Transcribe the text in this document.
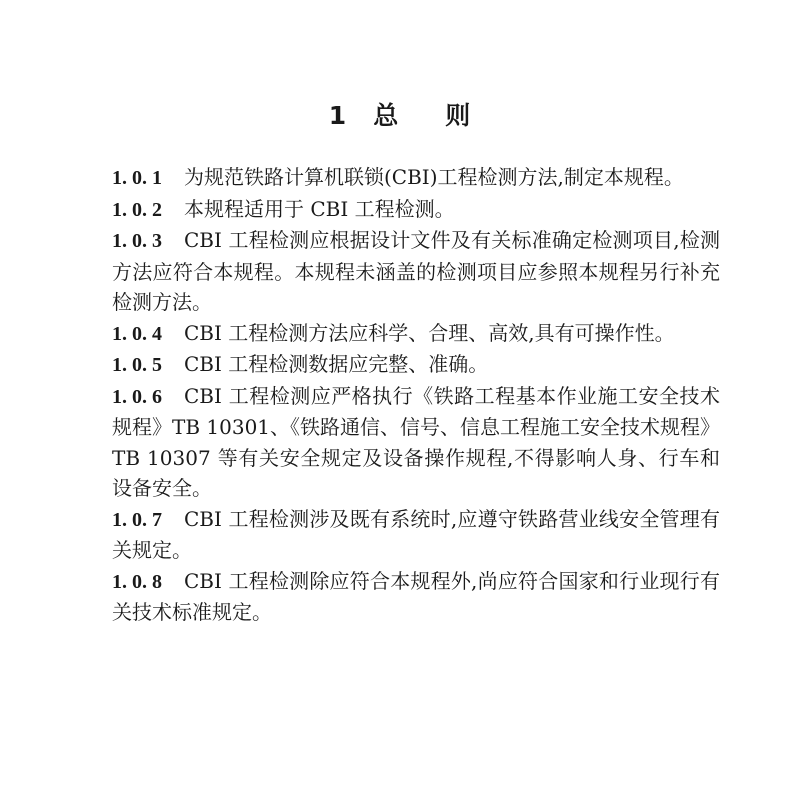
1 总 则

1. 0. 1 为规范铁路计算机联锁(CBI)工程检测方法,制定本规程。

1. 0. 2 本规程适用于 CBI 工程检测。

1. 0. 3 CBI 工程检测应根据设计文件及有关标准确定检测项目,检测方法应符合本规程。本规程未涵盖的检测项目应参照本规程另行补充检测方法。

1. 0. 4 CBI 工程检测方法应科学、合理、高效,具有可操作性。

1. 0. 5 CBI 工程检测数据应完整、准确。

1. 0. 6 CBI 工程检测应严格执行《铁路工程基本作业施工安全技术规程》TB 10301、《铁路通信、信号、信息工程施工安全技术规程》TB 10307 等有关安全规定及设备操作规程,不得影响人身、行车和设备安全。

1. 0. 7 CBI 工程检测涉及既有系统时,应遵守铁路营业线安全管理有关规定。

1. 0. 8 CBI 工程检测除应符合本规程外,尚应符合国家和行业现行有关技术标准规定。
